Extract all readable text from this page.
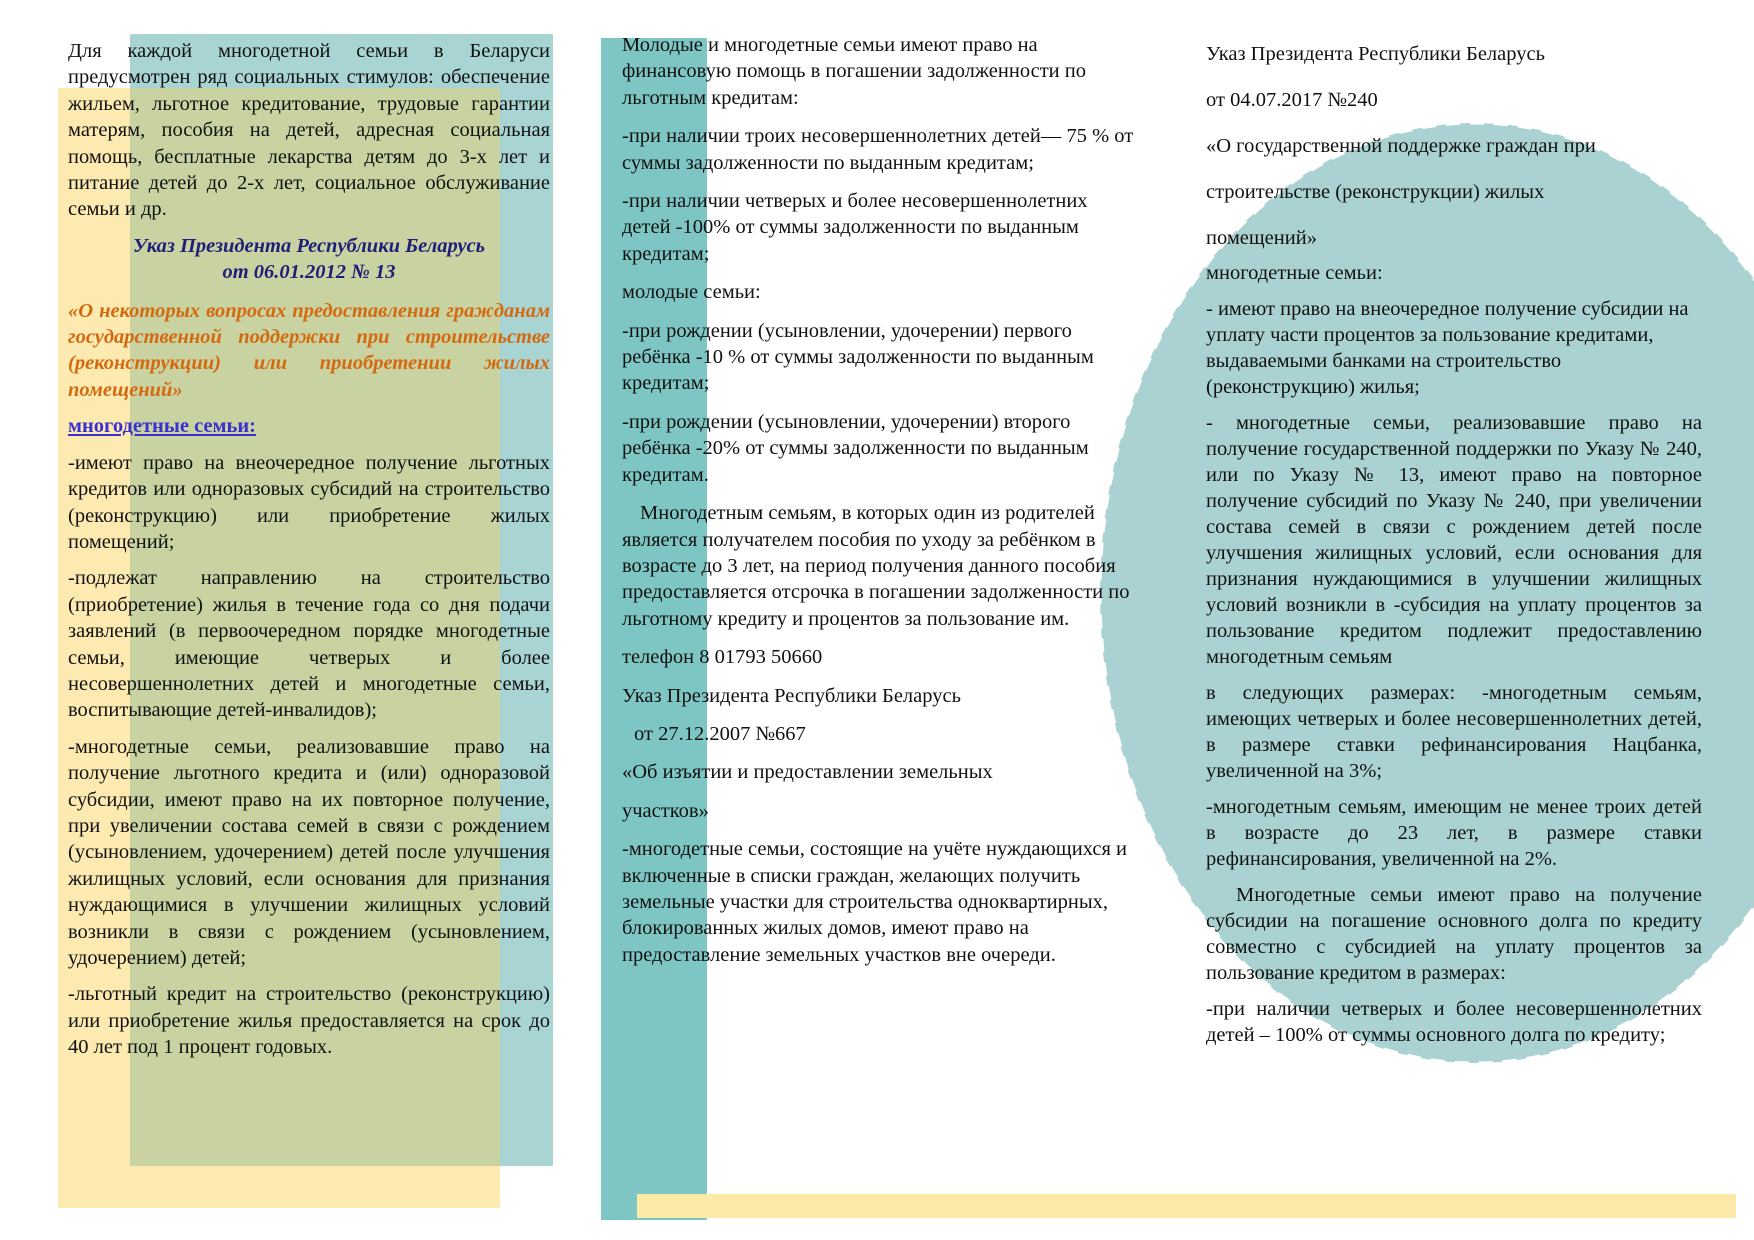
Для каждой многодетной семьи в Беларуси предусмотрен ряд социальных стимулов: обеспечение жильем, льготное кредитование, трудовые гарантии матерям, пособия на детей, адресная социальная помощь, бесплатные лекарства детям до 3-х лет и питание детей до 2-х лет, социальное обслуживание семьи и др.

Указ Президента Республики Беларусь
от 06.01.2012 № 13

«О некоторых вопросах предоставления гражданам государственной поддержки при строительстве (реконструкции) или приобретении жилых помещений»

многодетные семьи:

-имеют право на внеочередное получение льготных кредитов или одноразовых субсидий на строительство (реконструкцию) или приобретение жилых помещений;

-подлежат направлению на строительство (приобретение) жилья в течение года со дня подачи заявлений (в первоочередном порядке многодетные семьи, имеющие четверых и более несовершеннолетних детей и многодетные семьи, воспитывающие детей-инвалидов);

-многодетные семьи, реализовавшие право на получение льготного кредита и (или) одноразовой субсидии, имеют право на их повторное получение, при увеличении состава семей в связи с рождением (усыновлением, удочерением) детей после улучшения жилищных условий, если основания для признания нуждающимися в улучшении жилищных условий возникли в связи с рождением (усыновлением, удочерением) детей;

-льготный кредит на строительство (реконструкцию) или приобретение жилья предоставляется на срок до 40 лет под 1 процент годовых.

Молодые и многодетные семьи имеют право на финансовую помощь в погашении задолженности по льготным кредитам:

-при наличии троих несовершеннолетних детей— 75 % от суммы задолженности по выданным кредитам;

-при наличии четверых и более несовершеннолетних детей -100% от суммы задолженности по выданным кредитам;

молодые семьи:

-при рождении (усыновлении, удочерении) первого ребёнка -10 % от суммы задолженности по выданным кредитам;

-при рождении (усыновлении, удочерении) второго ребёнка -20% от суммы задолженности по выданным кредитам.

Многодетным семьям, в которых один из родителей является получателем пособия по уходу за ребёнком в возрасте до 3 лет, на период получения данного пособия предоставляется отсрочка в погашении задолженности по льготному кредиту и процентов за пользование им.

телефон 8 01793 50660

Указ Президента Республики Беларусь

от 27.12.2007 №667

«Об изъятии и предоставлении земельных

участков»

-многодетные семьи, состоящие на учёте нуждающихся и включенные в списки граждан, желающих получить земельные участки для строительства одноквартирных, блокированных жилых домов, имеют право на предоставление земельных участков вне очереди.

Указ Президента Республики Беларусь

от 04.07.2017 №240

«О государственной поддержке граждан при

строительстве (реконструкции) жилых

помещений»

многодетные семьи:

- имеют право на внеочередное получение субсидии на уплату части процентов за пользование кредитами, выдаваемыми банками на строительство (реконструкцию) жилья;

- многодетные семьи, реализовавшие право на получение государственной поддержки по Указу № 240, или по Указу № 13, имеют право на повторное получение субсидий по Указу № 240, при увеличении состава семей в связи с рождением детей после улучшения жилищных условий, если основания для признания нуждающимися в улучшении жилищных условий возникли в -субсидия на уплату процентов за пользование кредитом подлежит предоставлению многодетным семьям

в следующих размерах: -многодетным семьям, имеющих четверых и более несовершеннолетних детей, в размере ставки рефинансирования Нацбанка, увеличенной на 3%;

-многодетным семьям, имеющим не менее троих детей в возрасте до 23 лет, в размере ставки рефинансирования, увеличенной на 2%.

Многодетные семьи имеют право на получение субсидии на погашение основного долга по кредиту совместно с субсидией на уплату процентов за пользование кредитом в размерах:

-при наличии четверых и более несовершеннолетних детей – 100% от суммы основного долга по кредиту;
